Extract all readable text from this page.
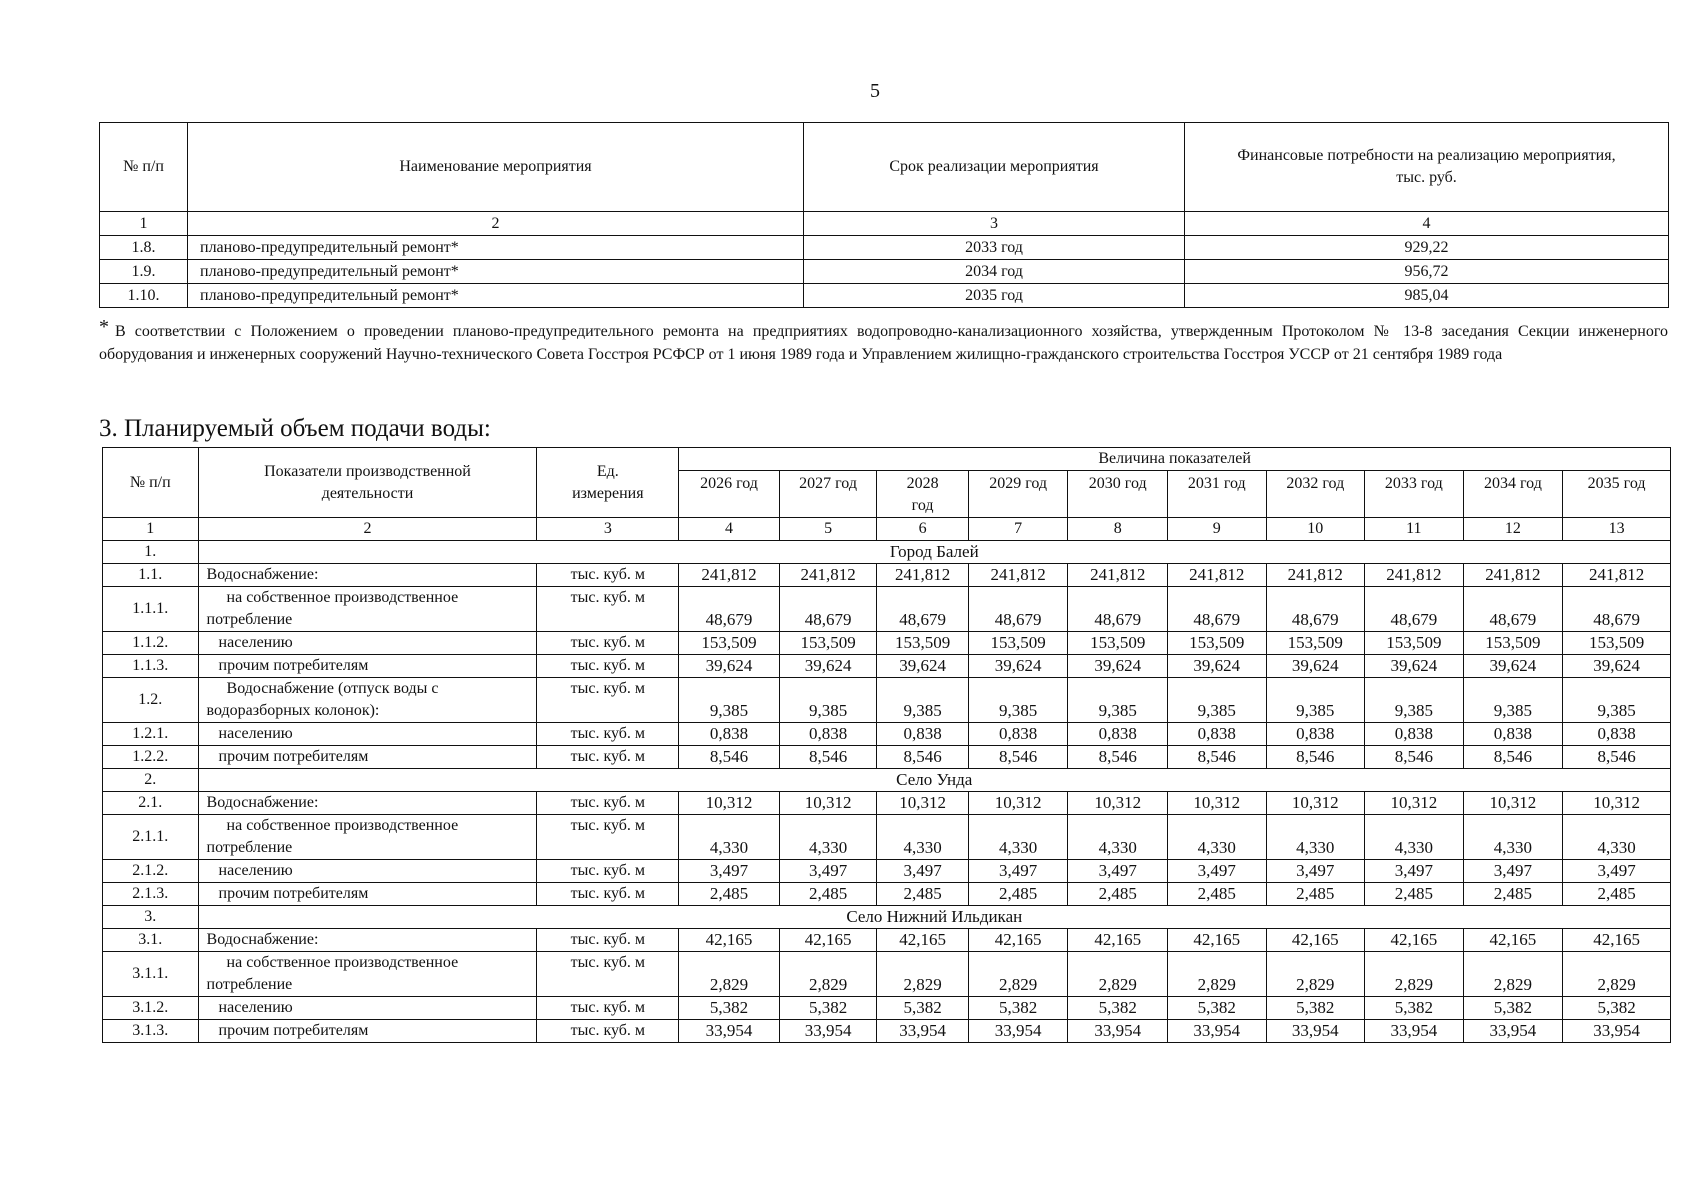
5
№ п/п	Наименование мероприятия	Срок реализации мероприятия	Финансовые потребности на реализацию мероприятия, тыс. руб.
1	2	3	4
1.8.	планово-предупредительный ремонт*	2033 год	929,22
1.9.	планово-предупредительный ремонт*	2034 год	956,72
1.10.	планово-предупредительный ремонт*	2035 год	985,04
* В соответствии с Положением о проведении планово-предупредительного ремонта на предприятиях водопроводно-канализационного хозяйства, утвержденным Протоколом № 13-8 заседания Секции инженерного оборудования и инженерных сооружений Научно-технического Совета Госстроя РСФСР от 1 июня 1989 года и Управлением жилищно-гражданского строительства Госстроя УССР от 21 сентября 1989 года
3. Планируемый объем подачи воды:
№ п/п	Показатели производственной деятельности	Ед. измерения	Величина показателей									
			2026 год	2027 год	2028 год	2029 год	2030 год	2031 год	2032 год	2033 год	2034 год	2035 год
1	2	3	4	5	6	7	8	9	10	11	12	13
1.	Город Балей											
1.1.	Водоснабжение:	тыс. куб. м	241,812	241,812	241,812	241,812	241,812	241,812	241,812	241,812	241,812	241,812
1.1.1.	на собственное производственное потребление	тыс. куб. м	48,679	48,679	48,679	48,679	48,679	48,679	48,679	48,679	48,679	48,679
1.1.2.	населению	тыс. куб. м	153,509	153,509	153,509	153,509	153,509	153,509	153,509	153,509	153,509	153,509
1.1.3.	прочим потребителям	тыс. куб. м	39,624	39,624	39,624	39,624	39,624	39,624	39,624	39,624	39,624	39,624
1.2.	Водоснабжение (отпуск воды с водоразборных колонок):	тыс. куб. м	9,385	9,385	9,385	9,385	9,385	9,385	9,385	9,385	9,385	9,385
1.2.1.	населению	тыс. куб. м	0,838	0,838	0,838	0,838	0,838	0,838	0,838	0,838	0,838	0,838
1.2.2.	прочим потребителям	тыс. куб. м	8,546	8,546	8,546	8,546	8,546	8,546	8,546	8,546	8,546	8,546
2.	Село Унда											
2.1.	Водоснабжение:	тыс. куб. м	10,312	10,312	10,312	10,312	10,312	10,312	10,312	10,312	10,312	10,312
2.1.1.	на собственное производственное потребление	тыс. куб. м	4,330	4,330	4,330	4,330	4,330	4,330	4,330	4,330	4,330	4,330
2.1.2.	населению	тыс. куб. м	3,497	3,497	3,497	3,497	3,497	3,497	3,497	3,497	3,497	3,497
2.1.3.	прочим потребителям	тыс. куб. м	2,485	2,485	2,485	2,485	2,485	2,485	2,485	2,485	2,485	2,485
3.	Село Нижний Ильдикан											
3.1.	Водоснабжение:	тыс. куб. м	42,165	42,165	42,165	42,165	42,165	42,165	42,165	42,165	42,165	42,165
3.1.1.	на собственное производственное потребление	тыс. куб. м	2,829	2,829	2,829	2,829	2,829	2,829	2,829	2,829	2,829	2,829
3.1.2.	населению	тыс. куб. м	5,382	5,382	5,382	5,382	5,382	5,382	5,382	5,382	5,382	5,382
3.1.3.	прочим потребителям	тыс. куб. м	33,954	33,954	33,954	33,954	33,954	33,954	33,954	33,954	33,954	33,954
